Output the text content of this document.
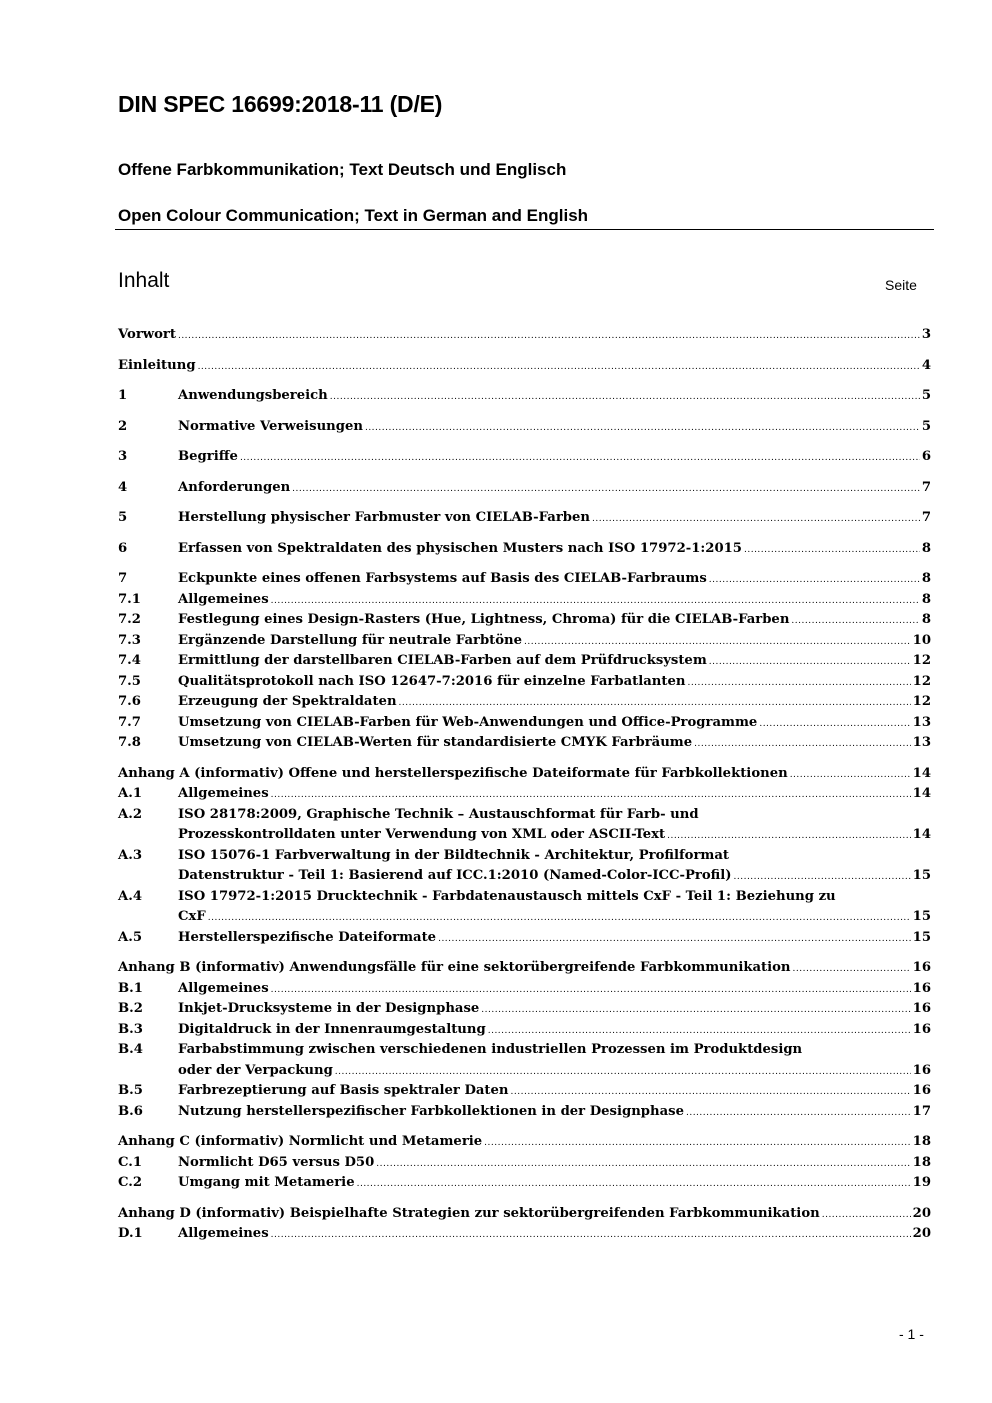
DIN SPEC 16699:2018-11 (D/E)
Offene Farbkommunikation; Text Deutsch und Englisch
Open Colour Communication; Text in German and English
Inhalt	Seite
Vorwort .....	3
Einleitung .....	4
1	Anwendungsbereich .....	5
2	Normative Verweisungen .....	5
3	Begriffe .....	6
4	Anforderungen .....	7
5	Herstellung physischer Farbmuster von CIELAB-Farben .....	7
6	Erfassen von Spektraldaten des physischen Musters nach ISO 17972-1:2015 .....	8
7	Eckpunkte eines offenen Farbsystems auf Basis des CIELAB-Farbraums .....	8
7.1	Allgemeines .....	8
7.2	Festlegung eines Design-Rasters (Hue, Lightness, Chroma) für die CIELAB-Farben .....	8
7.3	Ergänzende Darstellung für neutrale Farbtöne .....	10
7.4	Ermittlung der darstellbaren CIELAB-Farben auf dem Prüfdrucksystem .....	12
7.5	Qualitätsprotokoll nach ISO 12647-7:2016 für einzelne Farbatlanten .....	12
7.6	Erzeugung der Spektraldaten .....	12
7.7	Umsetzung von CIELAB-Farben für Web-Anwendungen und Office-Programme .....	13
7.8	Umsetzung von CIELAB-Werten für standardisierte CMYK Farbräume .....	13
Anhang A (informativ) Offene und herstellerspezifische Dateiformate für Farbkollektionen .....	14
A.1	Allgemeines .....	14
A.2	ISO 28178:2009, Graphische Technik – Austauschformat für Farb- und
Prozesskontrolldaten unter Verwendung von XML oder ASCII-Text .....	14
A.3	ISO 15076-1 Farbverwaltung in der Bildtechnik - Architektur, Profilformat
Datenstruktur - Teil 1: Basierend auf ICC.1:2010 (Named-Color-ICC-Profil) .....	15
A.4	ISO 17972-1:2015 Drucktechnik - Farbdatenaustausch mittels CxF - Teil 1: Beziehung zu
CxF .....	15
A.5	Herstellerspezifische Dateiformate .....	15
Anhang B (informativ) Anwendungsfälle für eine sektorübergreifende Farbkommunikation .....	16
B.1	Allgemeines .....	16
B.2	Inkjet-Drucksysteme in der Designphase .....	16
B.3	Digitaldruck in der Innenraumgestaltung .....	16
B.4	Farbabstimmung zwischen verschiedenen industriellen Prozessen im Produktdesign
oder der Verpackung .....	16
B.5	Farbrezeptierung auf Basis spektraler Daten .....	16
B.6	Nutzung herstellerspezifischer Farbkollektionen in der Designphase .....	17
Anhang C (informativ) Normlicht und Metamerie .....	18
C.1	Normlicht D65 versus D50 .....	18
C.2	Umgang mit Metamerie .....	19
Anhang D (informativ) Beispielhafte Strategien zur sektorübergreifenden Farbkommunikation .....	20
D.1	Allgemeines .....	20
- 1 -
